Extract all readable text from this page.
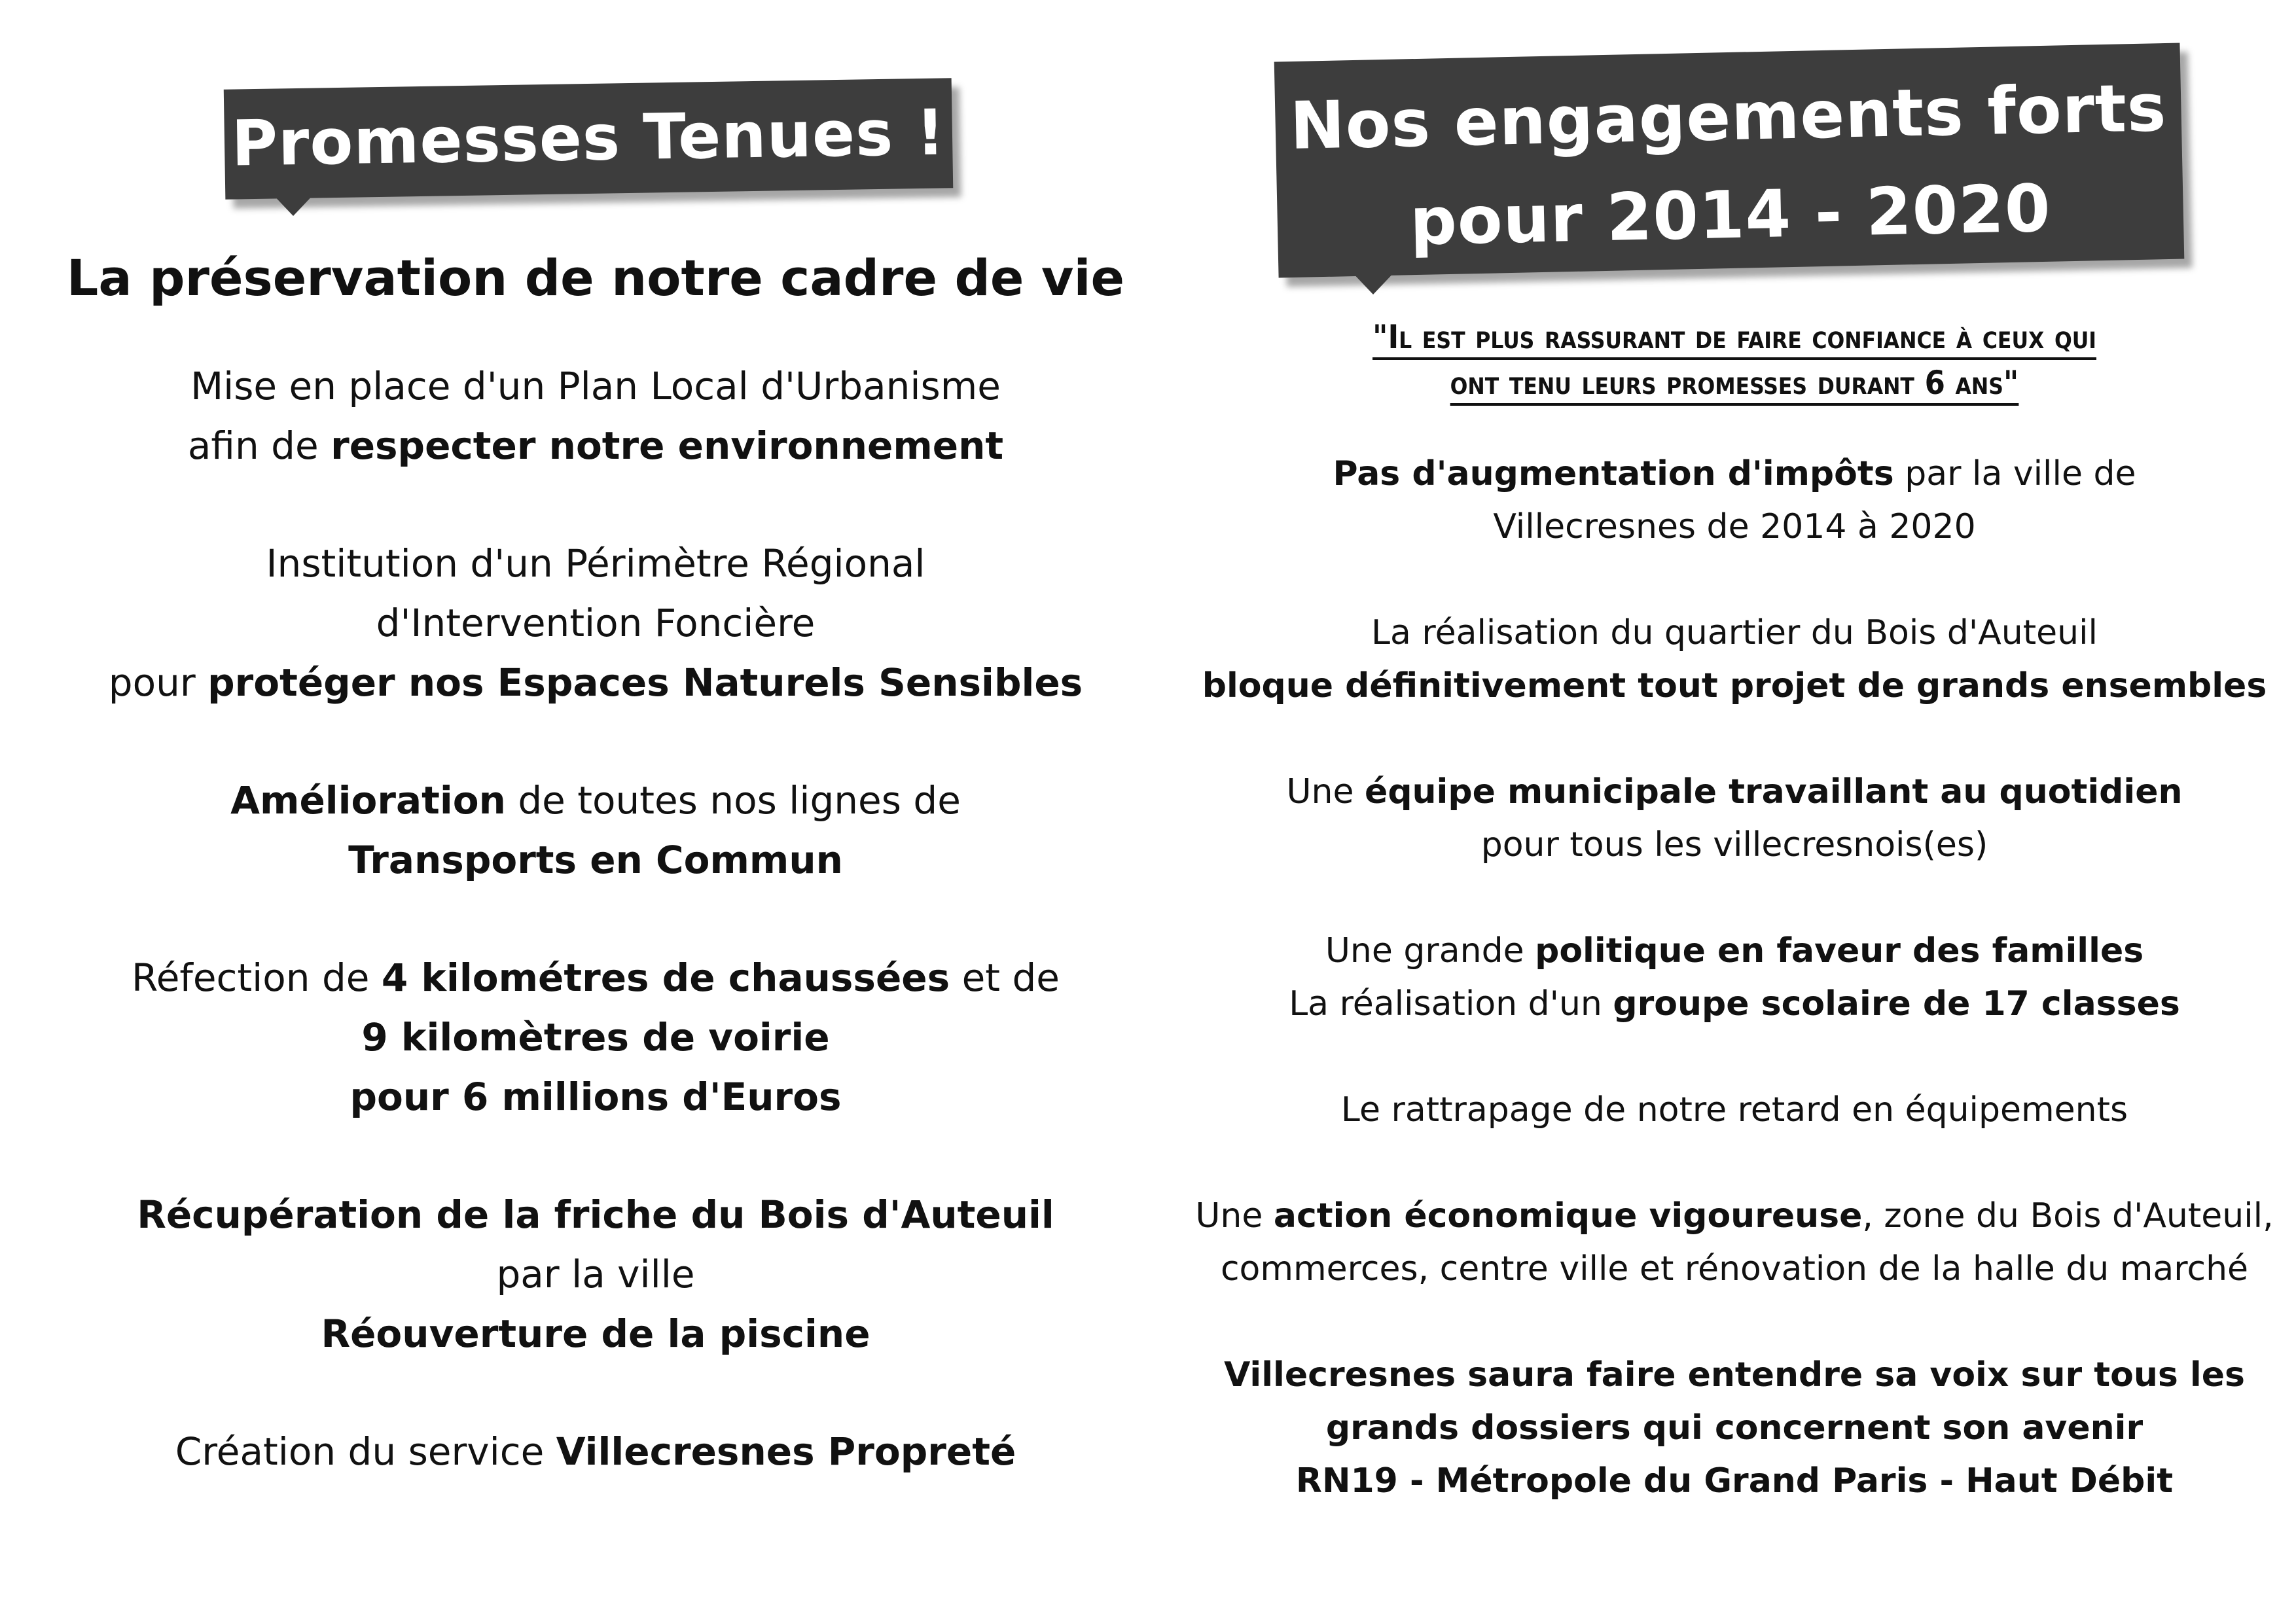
Promesses Tenues !	Nos engagements forts
pour 2014 - 2020
La préservation de notre cadre de vie
Mise en place d'un Plan Local d'Urbanisme
afin de respecter notre environnement
Institution d'un Périmètre Régional
d'Intervention Foncière
pour protéger nos Espaces Naturels Sensibles
Amélioration de toutes nos lignes de
Transports en Commun
Réfection de 4 kilométres de chaussées et de
9 kilomètres de voirie
pour 6 millions d'Euros
Récupération de la friche du Bois d'Auteuil
par la ville
Réouverture de la piscine
Création du service Villecresnes Propreté
"Il est plus rassurant de faire confiance à ceux qui
ont tenu leurs promesses durant 6 ans"
Pas d'augmentation d'impôts par la ville de
Villecresnes de 2014 à 2020
La réalisation du quartier du Bois d'Auteuil
bloque définitivement tout projet de grands ensembles
Une équipe municipale travaillant au quotidien
pour tous les villecresnois(es)
Une grande politique en faveur des familles
La réalisation d'un groupe scolaire de 17 classes
Le rattrapage de notre retard en équipements
Une action économique vigoureuse, zone du Bois d'Auteuil,
commerces, centre ville et rénovation de la halle du marché
Villecresnes saura faire entendre sa voix sur tous les
grands dossiers qui concernent son avenir
RN19 - Métropole du Grand Paris - Haut Débit
